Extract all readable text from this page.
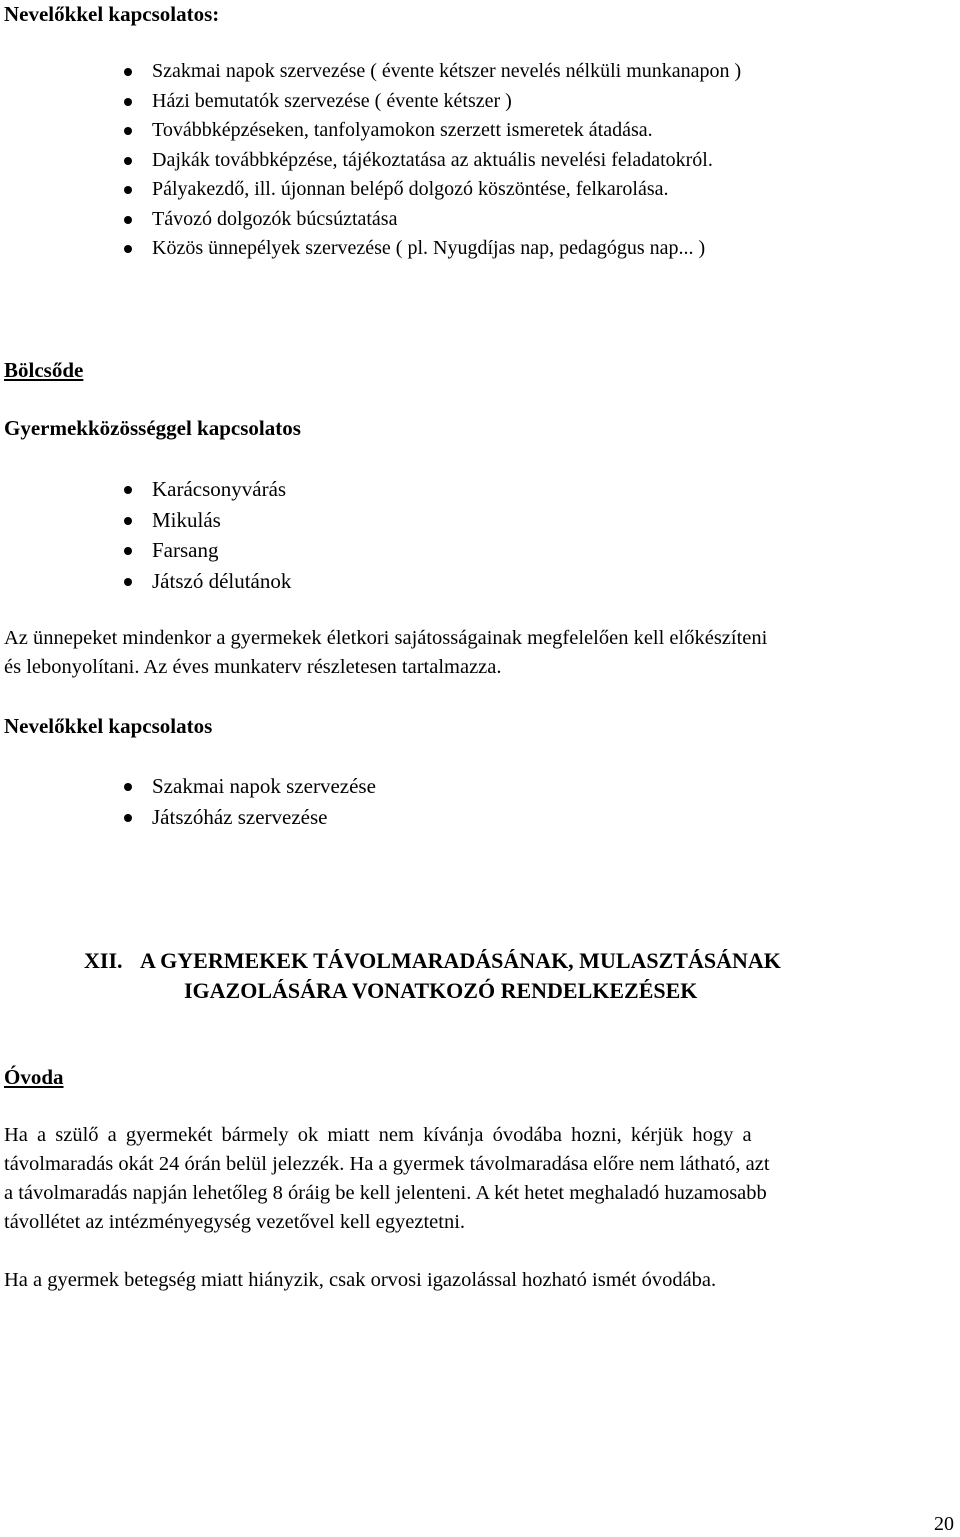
Nevelőkkel kapcsolatos:
Szakmai napok szervezése ( évente kétszer nevelés nélküli munkanapon )
Házi bemutatók szervezése ( évente kétszer )
Továbbképzéseken, tanfolyamokon szerzett ismeretek átadása.
Dajkák továbbképzése, tájékoztatása az aktuális nevelési feladatokról.
Pályakezdő, ill. újonnan belépő dolgozó köszöntése, felkarolása.
Távozó dolgozók búcsúztatása
Közös ünnepélyek szervezése ( pl. Nyugdíjas nap, pedagógus nap... )
Bölcsőde
Gyermekközösséggel kapcsolatos
Karácsonyvárás
Mikulás
Farsang
Játszó délutánok
Az ünnepeket mindenkor a gyermekek életkori sajátosságainak megfelelően kell előkészíteni
és lebonyolítani. Az éves munkaterv részletesen tartalmazza.
Nevelőkkel kapcsolatos
Szakmai napok szervezése
Játszóház szervezése
XII. A GYERMEKEK TÁVOLMARADÁSÁNAK, MULASZTÁSÁNAK
IGAZOLÁSÁRA VONATKOZÓ RENDELKEZÉSEK
Óvoda
Ha a szülő a gyermekét bármely ok miatt nem kívánja óvodába hozni, kérjük hogy a
távolmaradás okát 24 órán belül jelezzék. Ha a gyermek távolmaradása előre nem látható, azt
a távolmaradás napján lehetőleg 8 óráig be kell jelenteni. A két hetet meghaladó huzamosabb
távollétet az intézményegység vezetővel kell egyeztetni.
Ha a gyermek betegség miatt hiányzik, csak orvosi igazolással hozható ismét óvodába.
20
